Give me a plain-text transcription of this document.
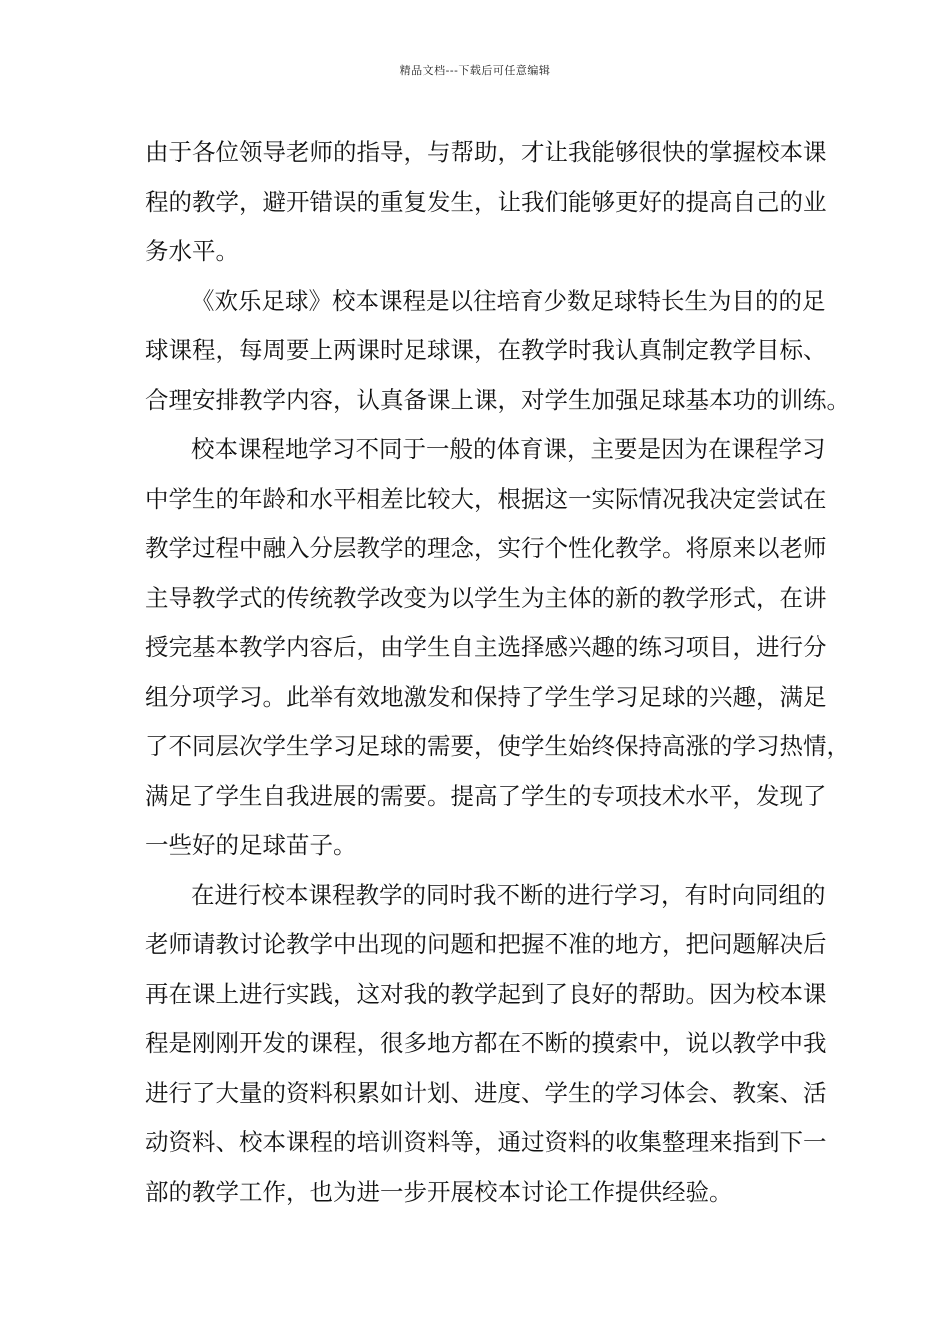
精品文档---下载后可任意编辑
由于各位领导老师的指导，与帮助，才让我能够很快的掌握校本课
程的教学，避开错误的重复发生，让我们能够更好的提高自己的业
务水平。
《欢乐足球》校本课程是以往培育少数足球特长生为目的的足
球课程，每周要上两课时足球课，在教学时我认真制定教学目标、
合理安排教学内容，认真备课上课，对学生加强足球基本功的训练。
校本课程地学习不同于一般的体育课，主要是因为在课程学习
中学生的年龄和水平相差比较大，根据这一实际情况我决定尝试在
教学过程中融入分层教学的理念，实行个性化教学。将原来以老师
主导教学式的传统教学改变为以学生为主体的新的教学形式，在讲
授完基本教学内容后，由学生自主选择感兴趣的练习项目，进行分
组分项学习。此举有效地激发和保持了学生学习足球的兴趣，满足
了不同层次学生学习足球的需要，使学生始终保持高涨的学习热情，
满足了学生自我进展的需要。提高了学生的专项技术水平，发现了
一些好的足球苗子。
在进行校本课程教学的同时我不断的进行学习，有时向同组的
老师请教讨论教学中出现的问题和把握不准的地方，把问题解决后
再在课上进行实践，这对我的教学起到了良好的帮助。因为校本课
程是刚刚开发的课程，很多地方都在不断的摸索中，说以教学中我
进行了大量的资料积累如计划、进度、学生的学习体会、教案、活
动资料、校本课程的培训资料等，通过资料的收集整理来指到下一
部的教学工作，也为进一步开展校本讨论工作提供经验。
